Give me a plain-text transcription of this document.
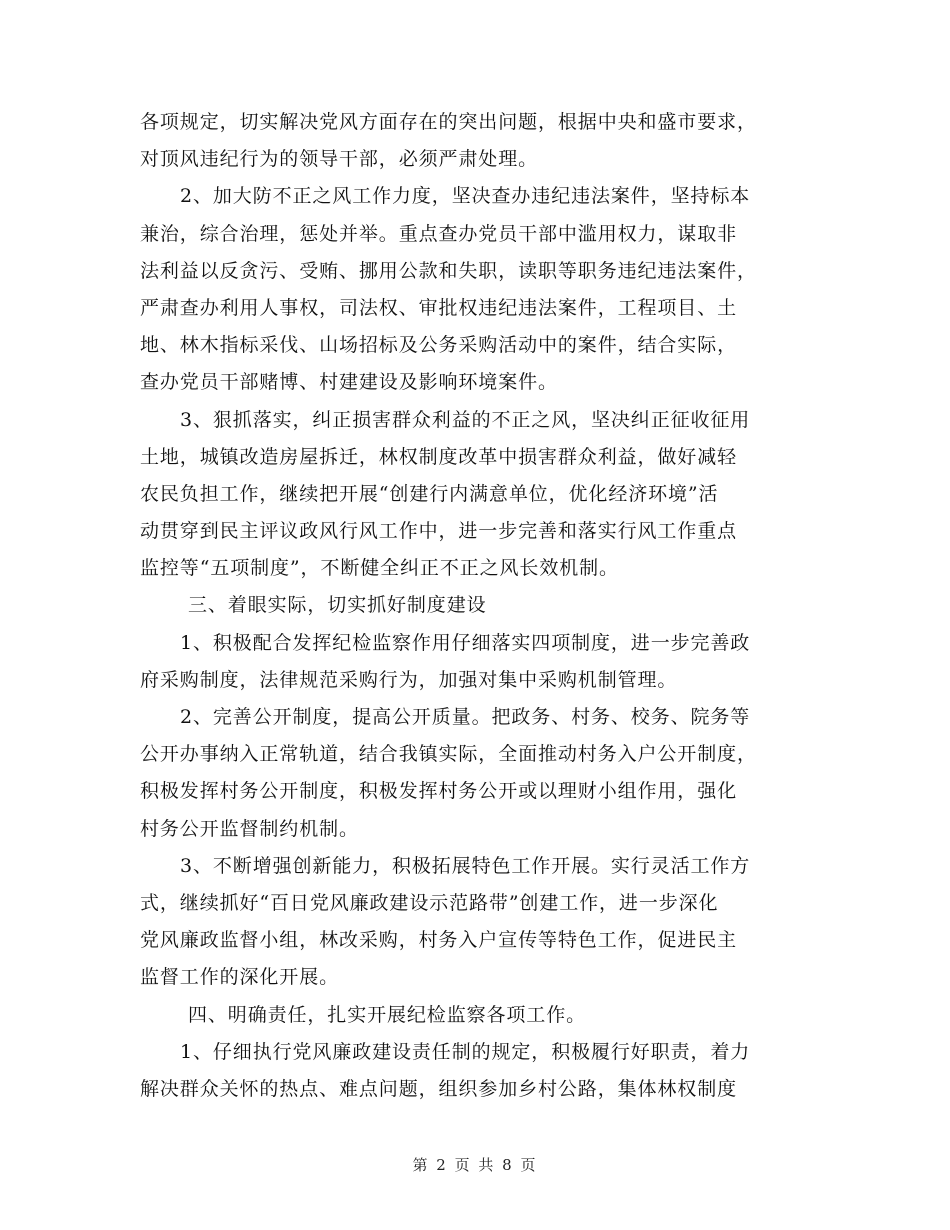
各项规定，切实解决党风方面存在的突出问题，根据中央和盛市要求，
对顶风违纪行为的领导干部，必须严肃处理。
2、加大防不正之风工作力度，坚决查办违纪违法案件，坚持标本
兼治，综合治理，惩处并举。重点查办党员干部中滥用权力，谋取非
法利益以反贪污、受贿、挪用公款和失职，读职等职务违纪违法案件，
严肃查办利用人事权，司法权、审批权违纪违法案件，工程项目、土
地、林木指标采伐、山场招标及公务采购活动中的案件，结合实际，
查办党员干部赌博、村建建设及影响环境案件。
3、狠抓落实，纠正损害群众利益的不正之风，坚决纠正征收征用
土地，城镇改造房屋拆迁，林权制度改革中损害群众利益，做好减轻
农民负担工作，继续把开展“创建行内满意单位，优化经济环境”活
动贯穿到民主评议政风行风工作中，进一步完善和落实行风工作重点
监控等“五项制度”，不断健全纠正不正之风长效机制。
三、着眼实际，切实抓好制度建设
1、积极配合发挥纪检监察作用仔细落实四项制度，进一步完善政
府采购制度，法律规范采购行为，加强对集中采购机制管理。
2、完善公开制度，提高公开质量。把政务、村务、校务、院务等
公开办事纳入正常轨道，结合我镇实际，全面推动村务入户公开制度，
积极发挥村务公开制度，积极发挥村务公开或以理财小组作用，强化
村务公开监督制约机制。
3、不断增强创新能力，积极拓展特色工作开展。实行灵活工作方
式，继续抓好“百日党风廉政建设示范路带”创建工作，进一步深化
党风廉政监督小组，林改采购，村务入户宣传等特色工作，促进民主
监督工作的深化开展。
四、明确责任，扎实开展纪检监察各项工作。
1、仔细执行党风廉政建设责任制的规定，积极履行好职责，着力
解决群众关怀的热点、难点问题，组织参加乡村公路，集体林权制度
第 2 页 共 8 页
